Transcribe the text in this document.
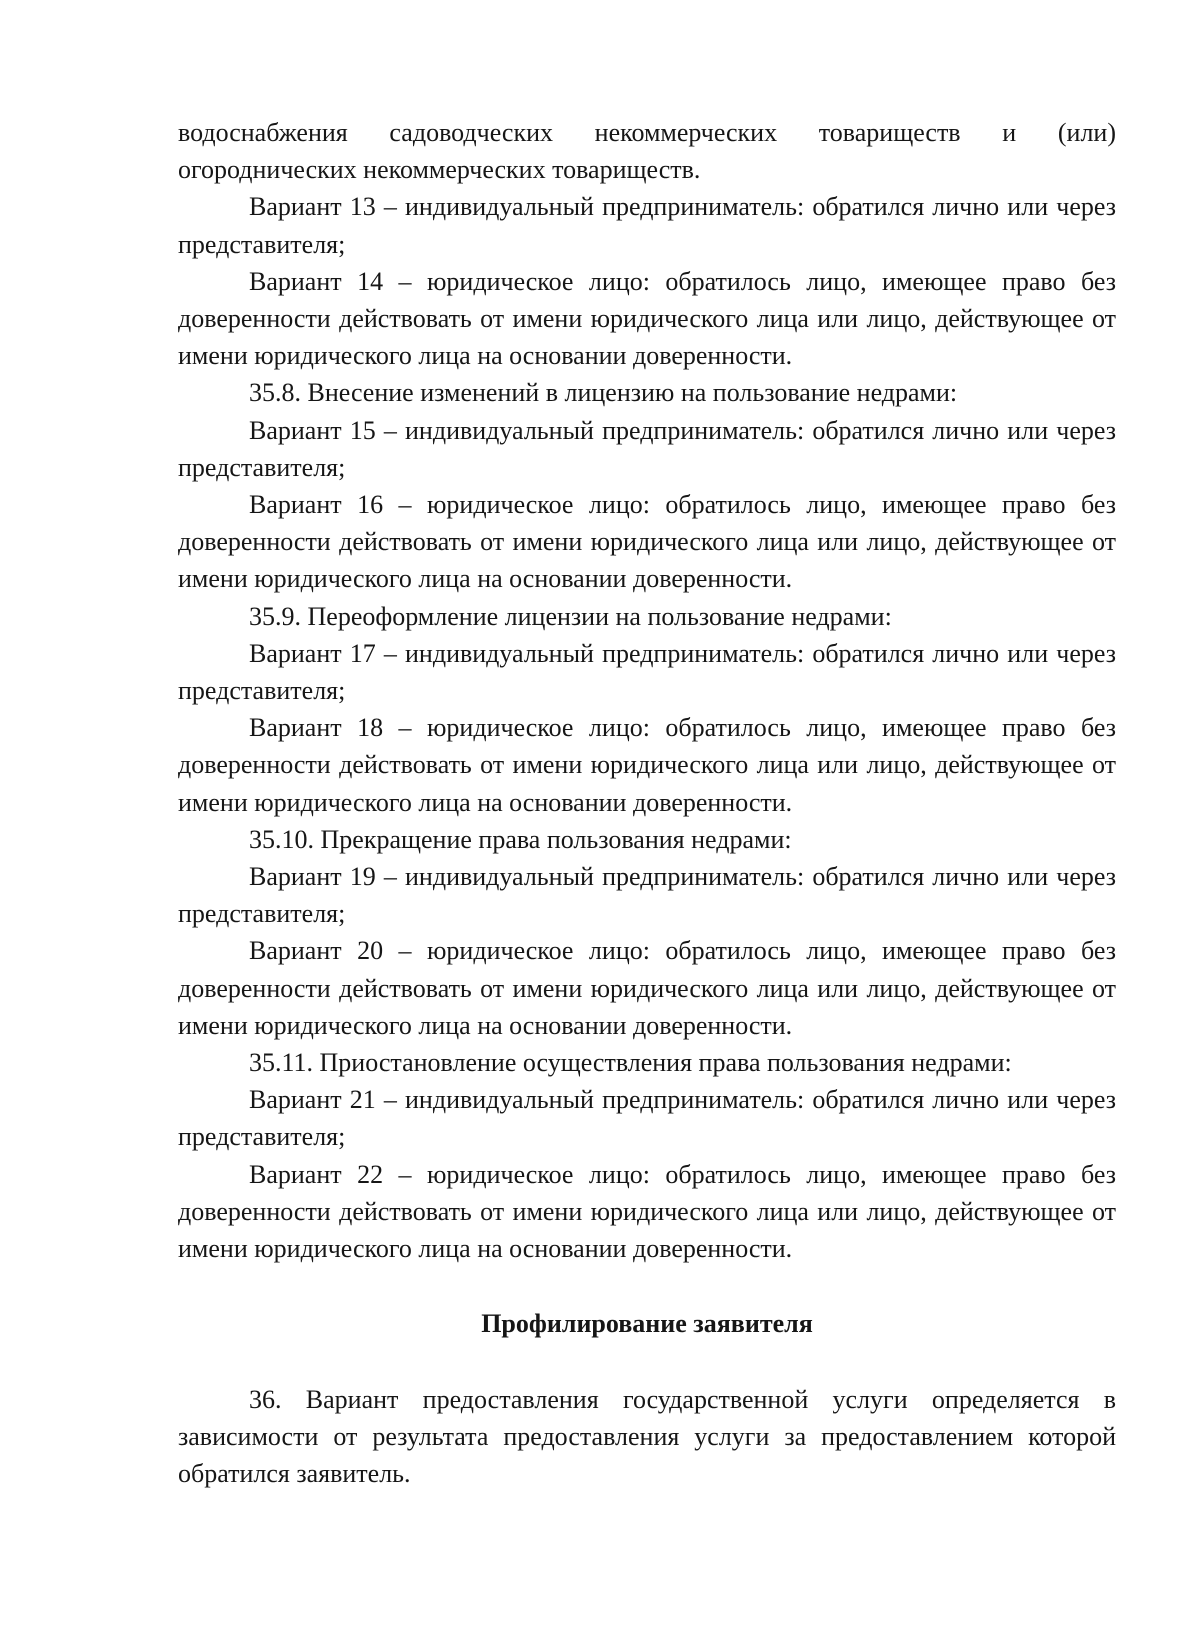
водоснабжения садоводческих некоммерческих товариществ и (или) огороднических некоммерческих товариществ.

Вариант 13 – индивидуальный предприниматель: обратился лично или через представителя;

Вариант 14 – юридическое лицо: обратилось лицо, имеющее право без доверенности действовать от имени юридического лица или лицо, действующее от имени юридического лица на основании доверенности.

35.8. Внесение изменений в лицензию на пользование недрами:

Вариант 15 – индивидуальный предприниматель: обратился лично или через представителя;

Вариант 16 – юридическое лицо: обратилось лицо, имеющее право без доверенности действовать от имени юридического лица или лицо, действующее от имени юридического лица на основании доверенности.

35.9. Переоформление лицензии на пользование недрами:

Вариант 17 – индивидуальный предприниматель: обратился лично или через представителя;

Вариант 18 – юридическое лицо: обратилось лицо, имеющее право без доверенности действовать от имени юридического лица или лицо, действующее от имени юридического лица на основании доверенности.

35.10. Прекращение права пользования недрами:

Вариант 19 – индивидуальный предприниматель: обратился лично или через представителя;

Вариант 20 – юридическое лицо: обратилось лицо, имеющее право без доверенности действовать от имени юридического лица или лицо, действующее от имени юридического лица на основании доверенности.

35.11. Приостановление осуществления права пользования недрами:

Вариант 21 – индивидуальный предприниматель: обратился лично или через представителя;

Вариант 22 – юридическое лицо: обратилось лицо, имеющее право без доверенности действовать от имени юридического лица или лицо, действующее от имени юридического лица на основании доверенности.

Профилирование заявителя

36. Вариант предоставления государственной услуги определяется в зависимости от результата предоставления услуги за предоставлением которой обратился заявитель.
